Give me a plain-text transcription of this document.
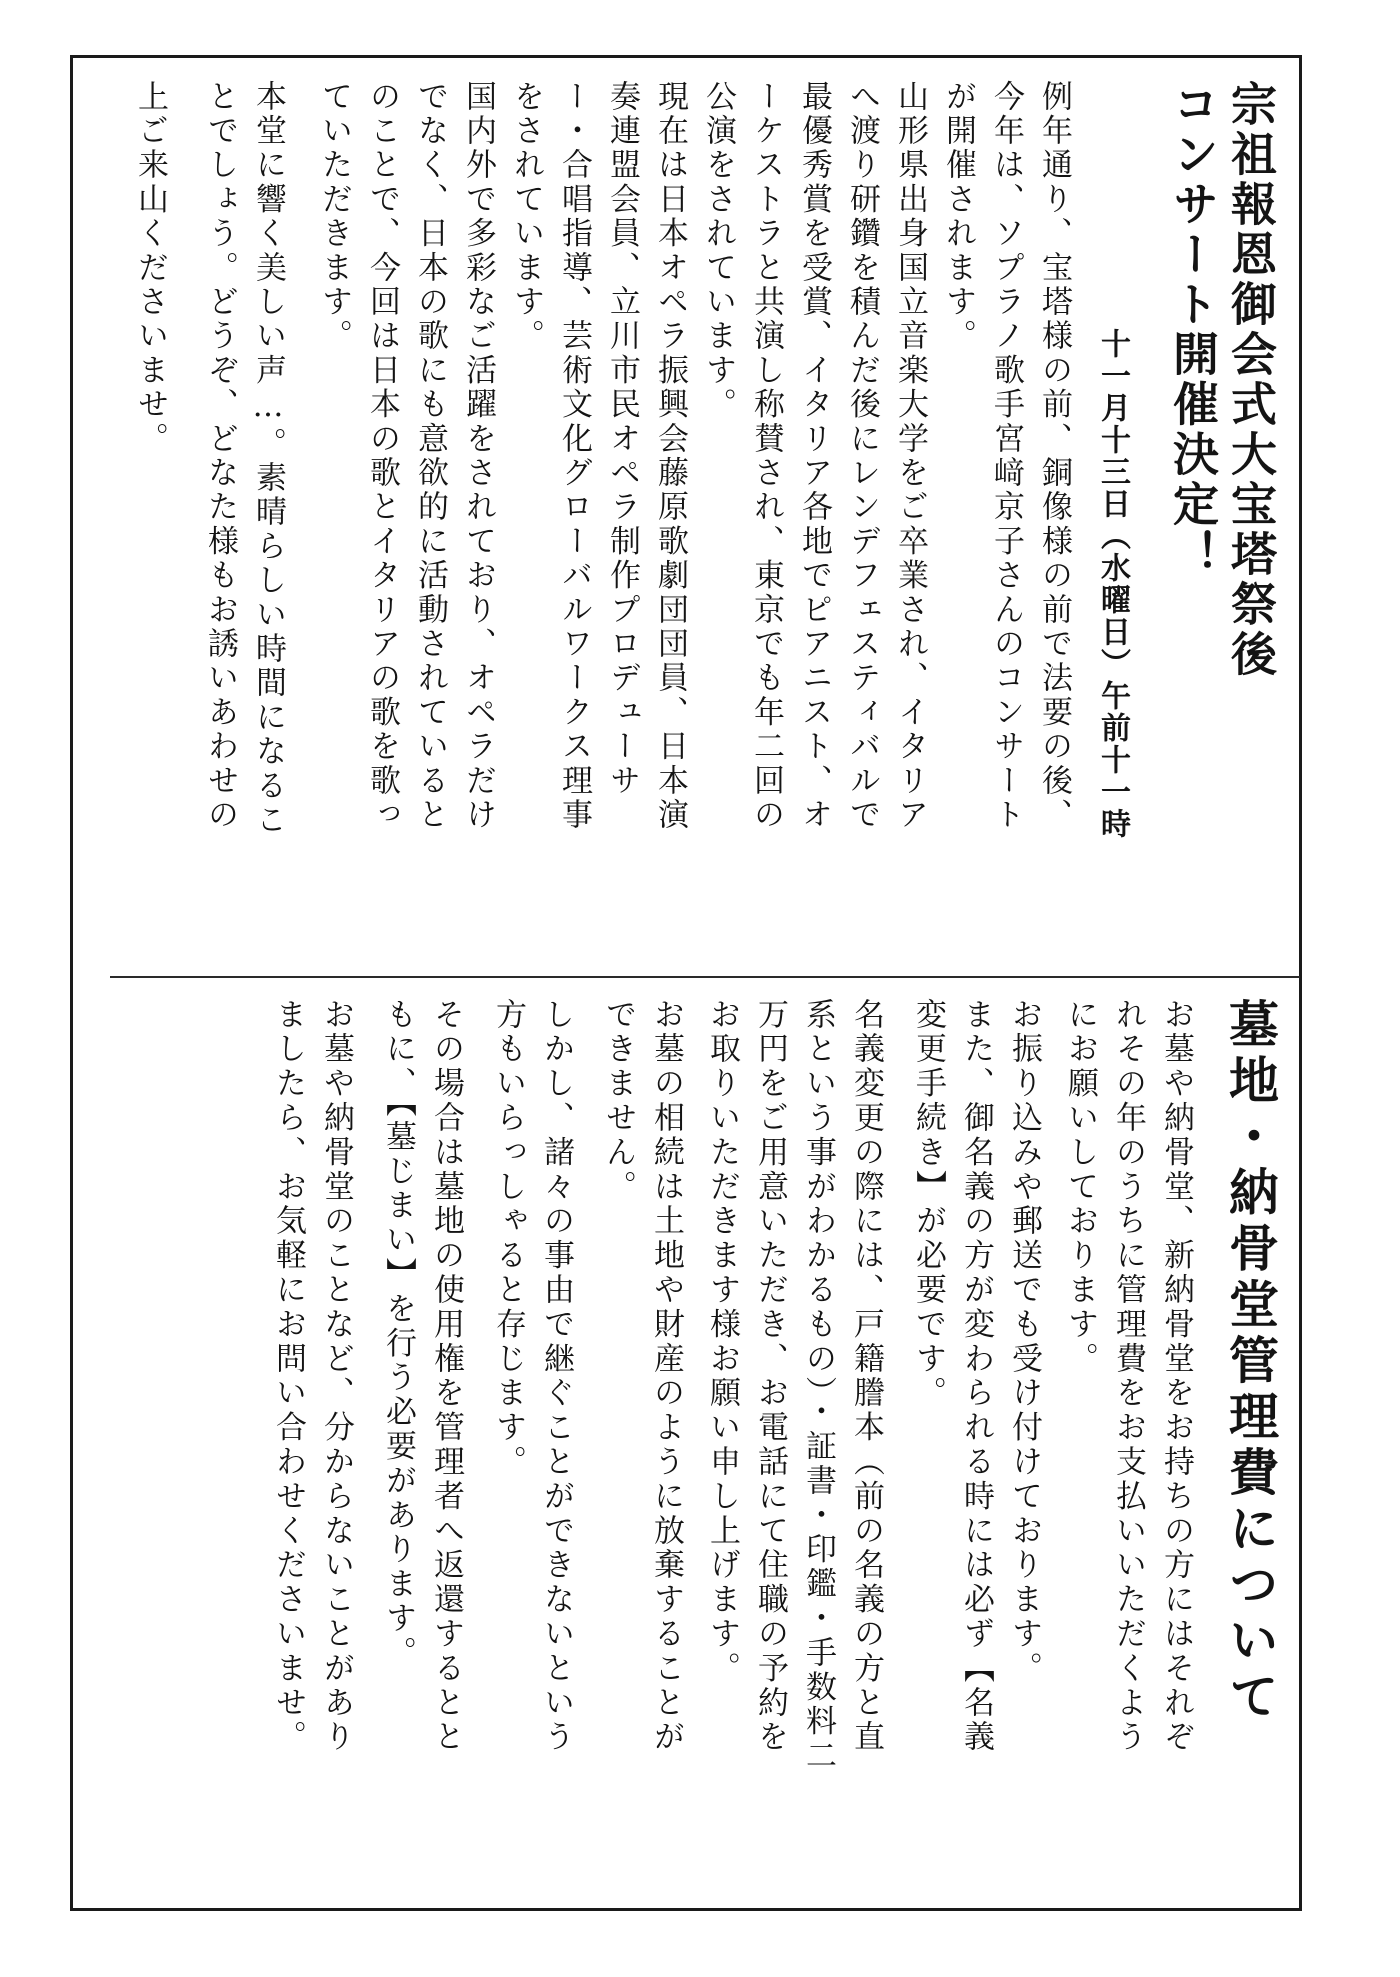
宗祖報恩御会式大宝塔祭後
コンサート開催決定！
十一月十三日（水曜日）午前十一時
例年通り、宝塔様の前、銅像様の前で法要の後、
今年は、ソプラノ歌手宮﨑京子さんのコンサート
が開催されます。
山形県出身国立音楽大学をご卒業され、イタリア
へ渡り研鑽を積んだ後にレンデフェスティバルで
最優秀賞を受賞、イタリア各地でピアニスト、オ
ーケストラと共演し称賛され、東京でも年二回の
公演をされています。
現在は日本オペラ振興会藤原歌劇団団員、日本演
奏連盟会員、立川市民オペラ制作プロデューサ
ー・合唱指導、芸術文化グローバルワークス理事
をされています。
国内外で多彩なご活躍をされており、オペラだけ
でなく、日本の歌にも意欲的に活動されていると
のことで、今回は日本の歌とイタリアの歌を歌っ
ていただきます。
本堂に響く美しい声…。素晴らしい時間になるこ
とでしょう。どうぞ、どなた様もお誘いあわせの
上ご来山くださいませ。
墓地・納骨堂管理費について
お墓や納骨堂、新納骨堂をお持ちの方にはそれぞ
れその年のうちに管理費をお支払いいただくよう
にお願いしております。
お振り込みや郵送でも受け付けております。
また、御名義の方が変わられる時には必ず【名義
変更手続き】が必要です。
名義変更の際には、戸籍謄本（前の名義の方と直
系という事がわかるもの）・証書・印鑑・手数料二
万円をご用意いただき、お電話にて住職の予約を
お取りいただきます様お願い申し上げます。
お墓の相続は土地や財産のように放棄することが
できません。
しかし、諸々の事由で継ぐことができないという
方もいらっしゃると存じます。
その場合は墓地の使用権を管理者へ返還するとと
もに、【墓じまい】を行う必要があります。
お墓や納骨堂のことなど、分からないことがあり
ましたら、お気軽にお問い合わせくださいませ。
